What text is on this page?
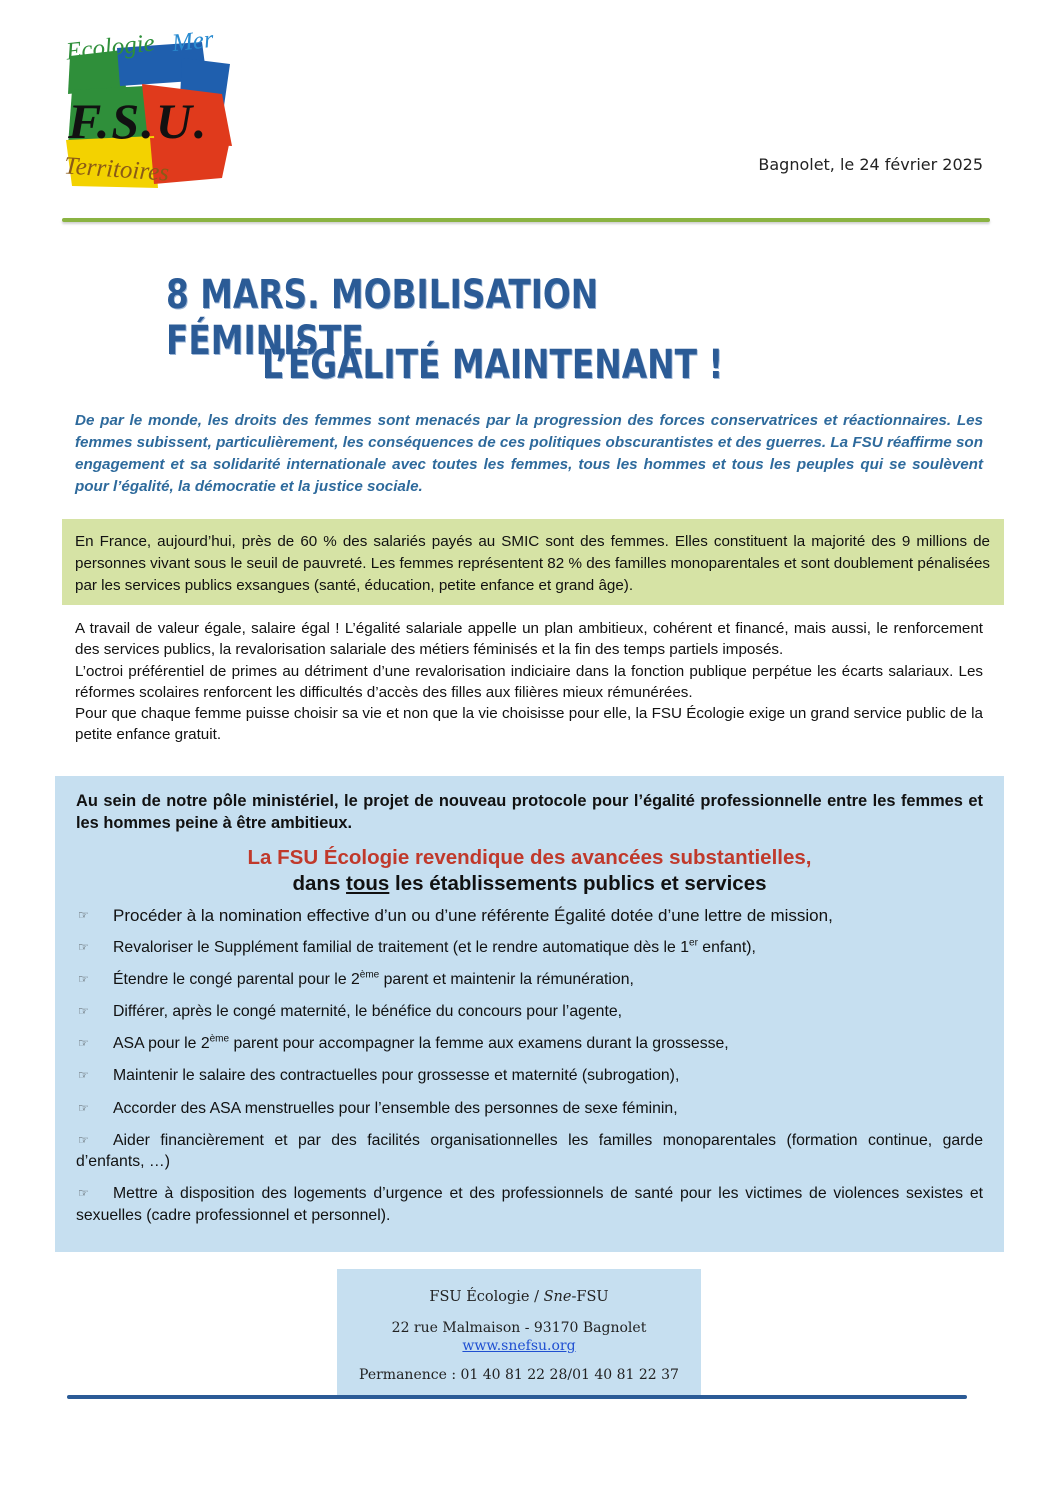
Ecologie Mer
F.S.U.
Territoires	Bagnolet, le 24 février 2025
8 MARS. MOBILISATION FÉMINISTE
L’ÉGALITÉ MAINTENANT !

De par le monde, les droits des femmes sont menacés par la progression des forces conservatrices et réactionnaires. Les femmes subissent, particulièrement, les conséquences de ces politiques obscurantistes et des guerres. La FSU réaffirme son engagement et sa solidarité internationale avec toutes les femmes, tous les hommes et tous les peuples qui se soulèvent pour l’égalité, la démocratie et la justice sociale.

En France, aujourd’hui, près de 60 % des salariés payés au SMIC sont des femmes. Elles constituent la majorité des 9 millions de personnes vivant sous le seuil de pauvreté. Les femmes représentent 82 % des familles monoparentales et sont doublement pénalisées par les services publics exsangues (santé, éducation, petite enfance et grand âge).

A travail de valeur égale, salaire égal ! L’égalité salariale appelle un plan ambitieux, cohérent et financé, mais aussi, le renforcement des services publics, la revalorisation salariale des métiers féminisés et la fin des temps partiels imposés.

L’octroi préférentiel de primes au détriment d’une revalorisation indiciaire dans la fonction publique perpétue les écarts salariaux. Les réformes scolaires renforcent les difficultés d’accès des filles aux filières mieux rémunérées.

Pour que chaque femme puisse choisir sa vie et non que la vie choisisse pour elle, la FSU Écologie exige un grand service public de la petite enfance gratuit.

Au sein de notre pôle ministériel, le projet de nouveau protocole pour l’égalité professionnelle entre les femmes et les hommes peine à être ambitieux.

La FSU Écologie revendique des avancées substantielles,

dans tous les établissements publics et services

☞ Procéder à la nomination effective d’un ou d’une référente Égalité dotée d’une lettre de mission,
☞ Revaloriser le Supplément familial de traitement (et le rendre automatique dès le 1er enfant),
☞ Étendre le congé parental pour le 2ème parent et maintenir la rémunération,
☞ Différer, après le congé maternité, le bénéfice du concours pour l’agente,
☞ ASA pour le 2ème parent pour accompagner la femme aux examens durant la grossesse,
☞ Maintenir le salaire des contractuelles pour grossesse et maternité (subrogation),
☞ Accorder des ASA menstruelles pour l’ensemble des personnes de sexe féminin,
☞ Aider financièrement et par des facilités organisationnelles les familles monoparentales (formation continue, garde d’enfants, …)
☞ Mettre à disposition des logements d’urgence et des professionnels de santé pour les victimes de violences sexistes et sexuelles (cadre professionnel et personnel).
FSU Écologie / Sne-FSU
22 rue Malmaison - 93170 Bagnolet
www.snefsu.org
Permanence : 01 40 81 22 28/01 40 81 22 37
